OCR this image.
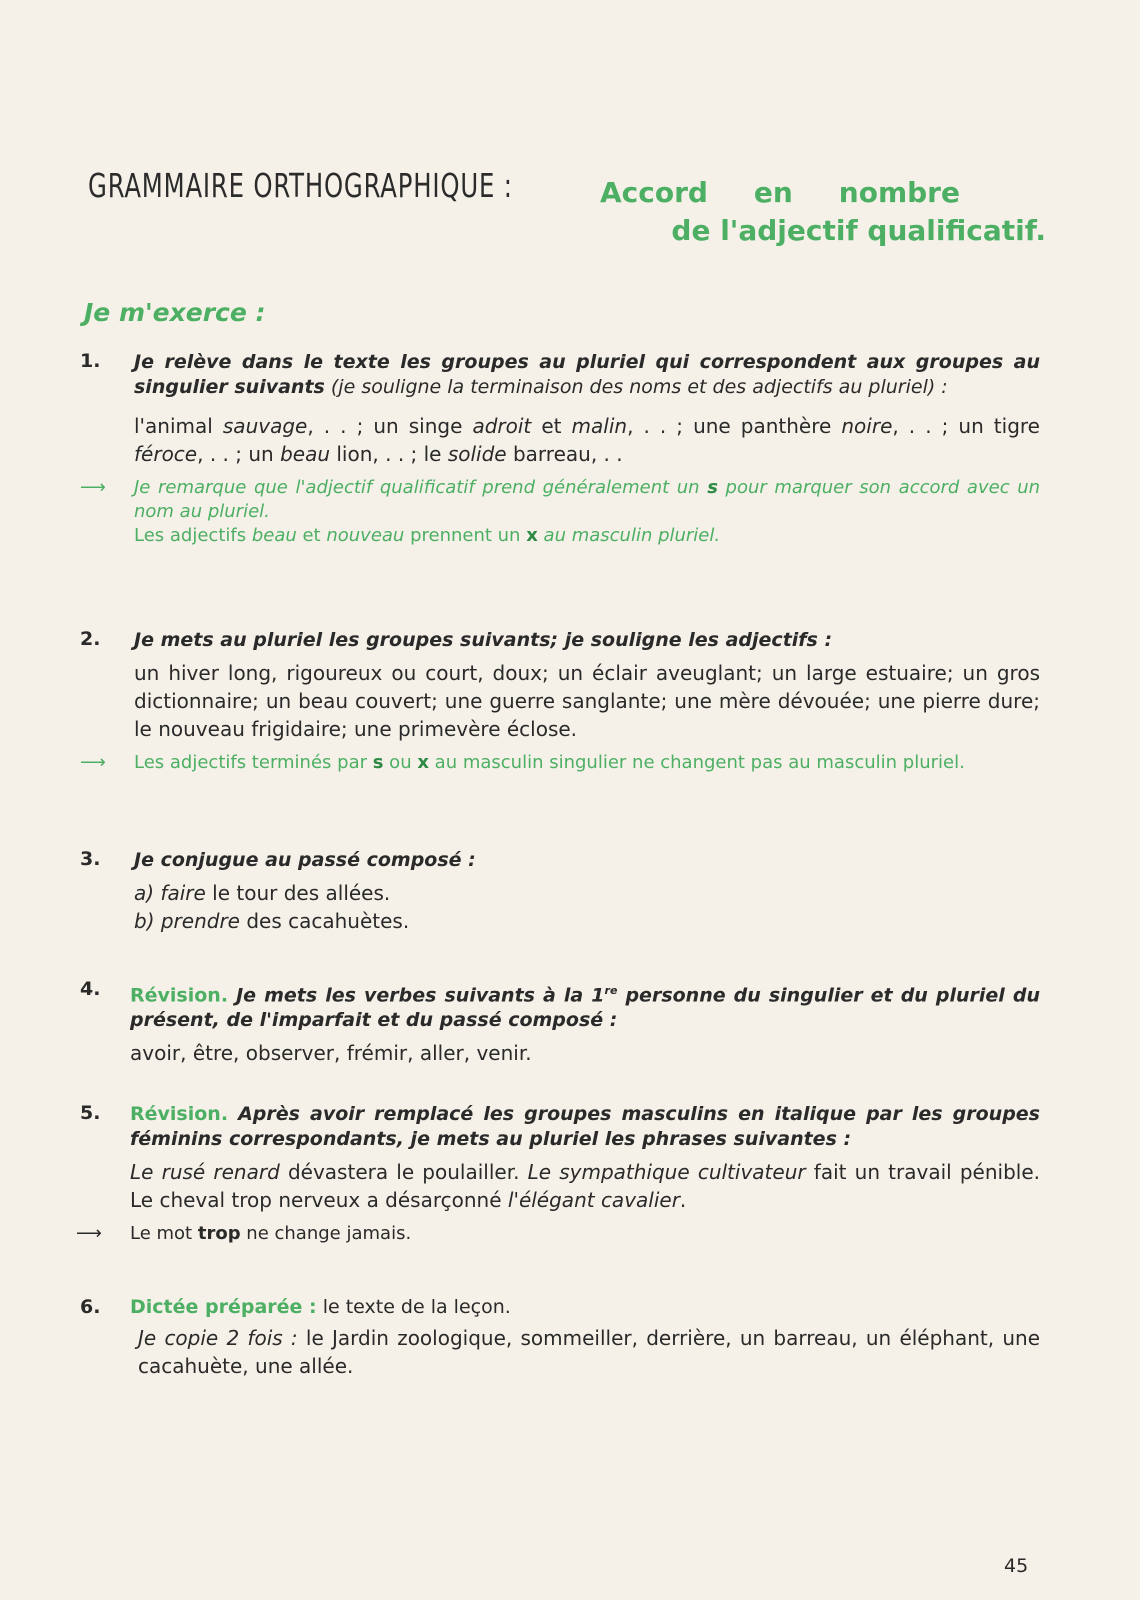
GRAMMAIRE ORTHOGRAPHIQUE :	Accord en nombre
de l'adjectif qualificatif.
Je m'exerce :
1. Je relève dans le texte les groupes au pluriel qui correspondent aux groupes au singulier suivants (je souligne la terminaison des noms et des adjectifs au pluriel) :
l'animal sauvage, . . ; un singe adroit et malin, . . ; une panthère noire, . . ; un tigre féroce, . . ; un beau lion, . . ; le solide barreau, . .
⟶ Je remarque que l'adjectif qualificatif prend généralement un s pour marquer son accord avec un nom au pluriel.
Les adjectifs beau et nouveau prennent un x au masculin pluriel.
2. Je mets au pluriel les groupes suivants; je souligne les adjectifs :
un hiver long, rigoureux ou court, doux; un éclair aveuglant; un large estuaire; un gros dictionnaire; un beau couvert; une guerre sanglante; une mère dévouée; une pierre dure; le nouveau frigidaire; une primevère éclose.
⟶ Les adjectifs terminés par s ou x au masculin singulier ne changent pas au masculin pluriel.
3. Je conjugue au passé composé :
a) faire le tour des allées.
b) prendre des cacahuètes.
4. Révision. Je mets les verbes suivants à la 1re personne du singulier et du pluriel du présent, de l'imparfait et du passé composé :
avoir, être, observer, frémir, aller, venir.
5. Révision. Après avoir remplacé les groupes masculins en italique par les groupes féminins correspondants, je mets au pluriel les phrases suivantes :
Le rusé renard dévastera le poulailler. Le sympathique cultivateur fait un travail pénible. Le cheval trop nerveux a désarçonné l'élégant cavalier.
⟶ Le mot trop ne change jamais.
6. Dictée préparée : le texte de la leçon.
Je copie 2 fois : le Jardin zoologique, sommeiller, derrière, un barreau, un éléphant, une cacahuète, une allée.
45
